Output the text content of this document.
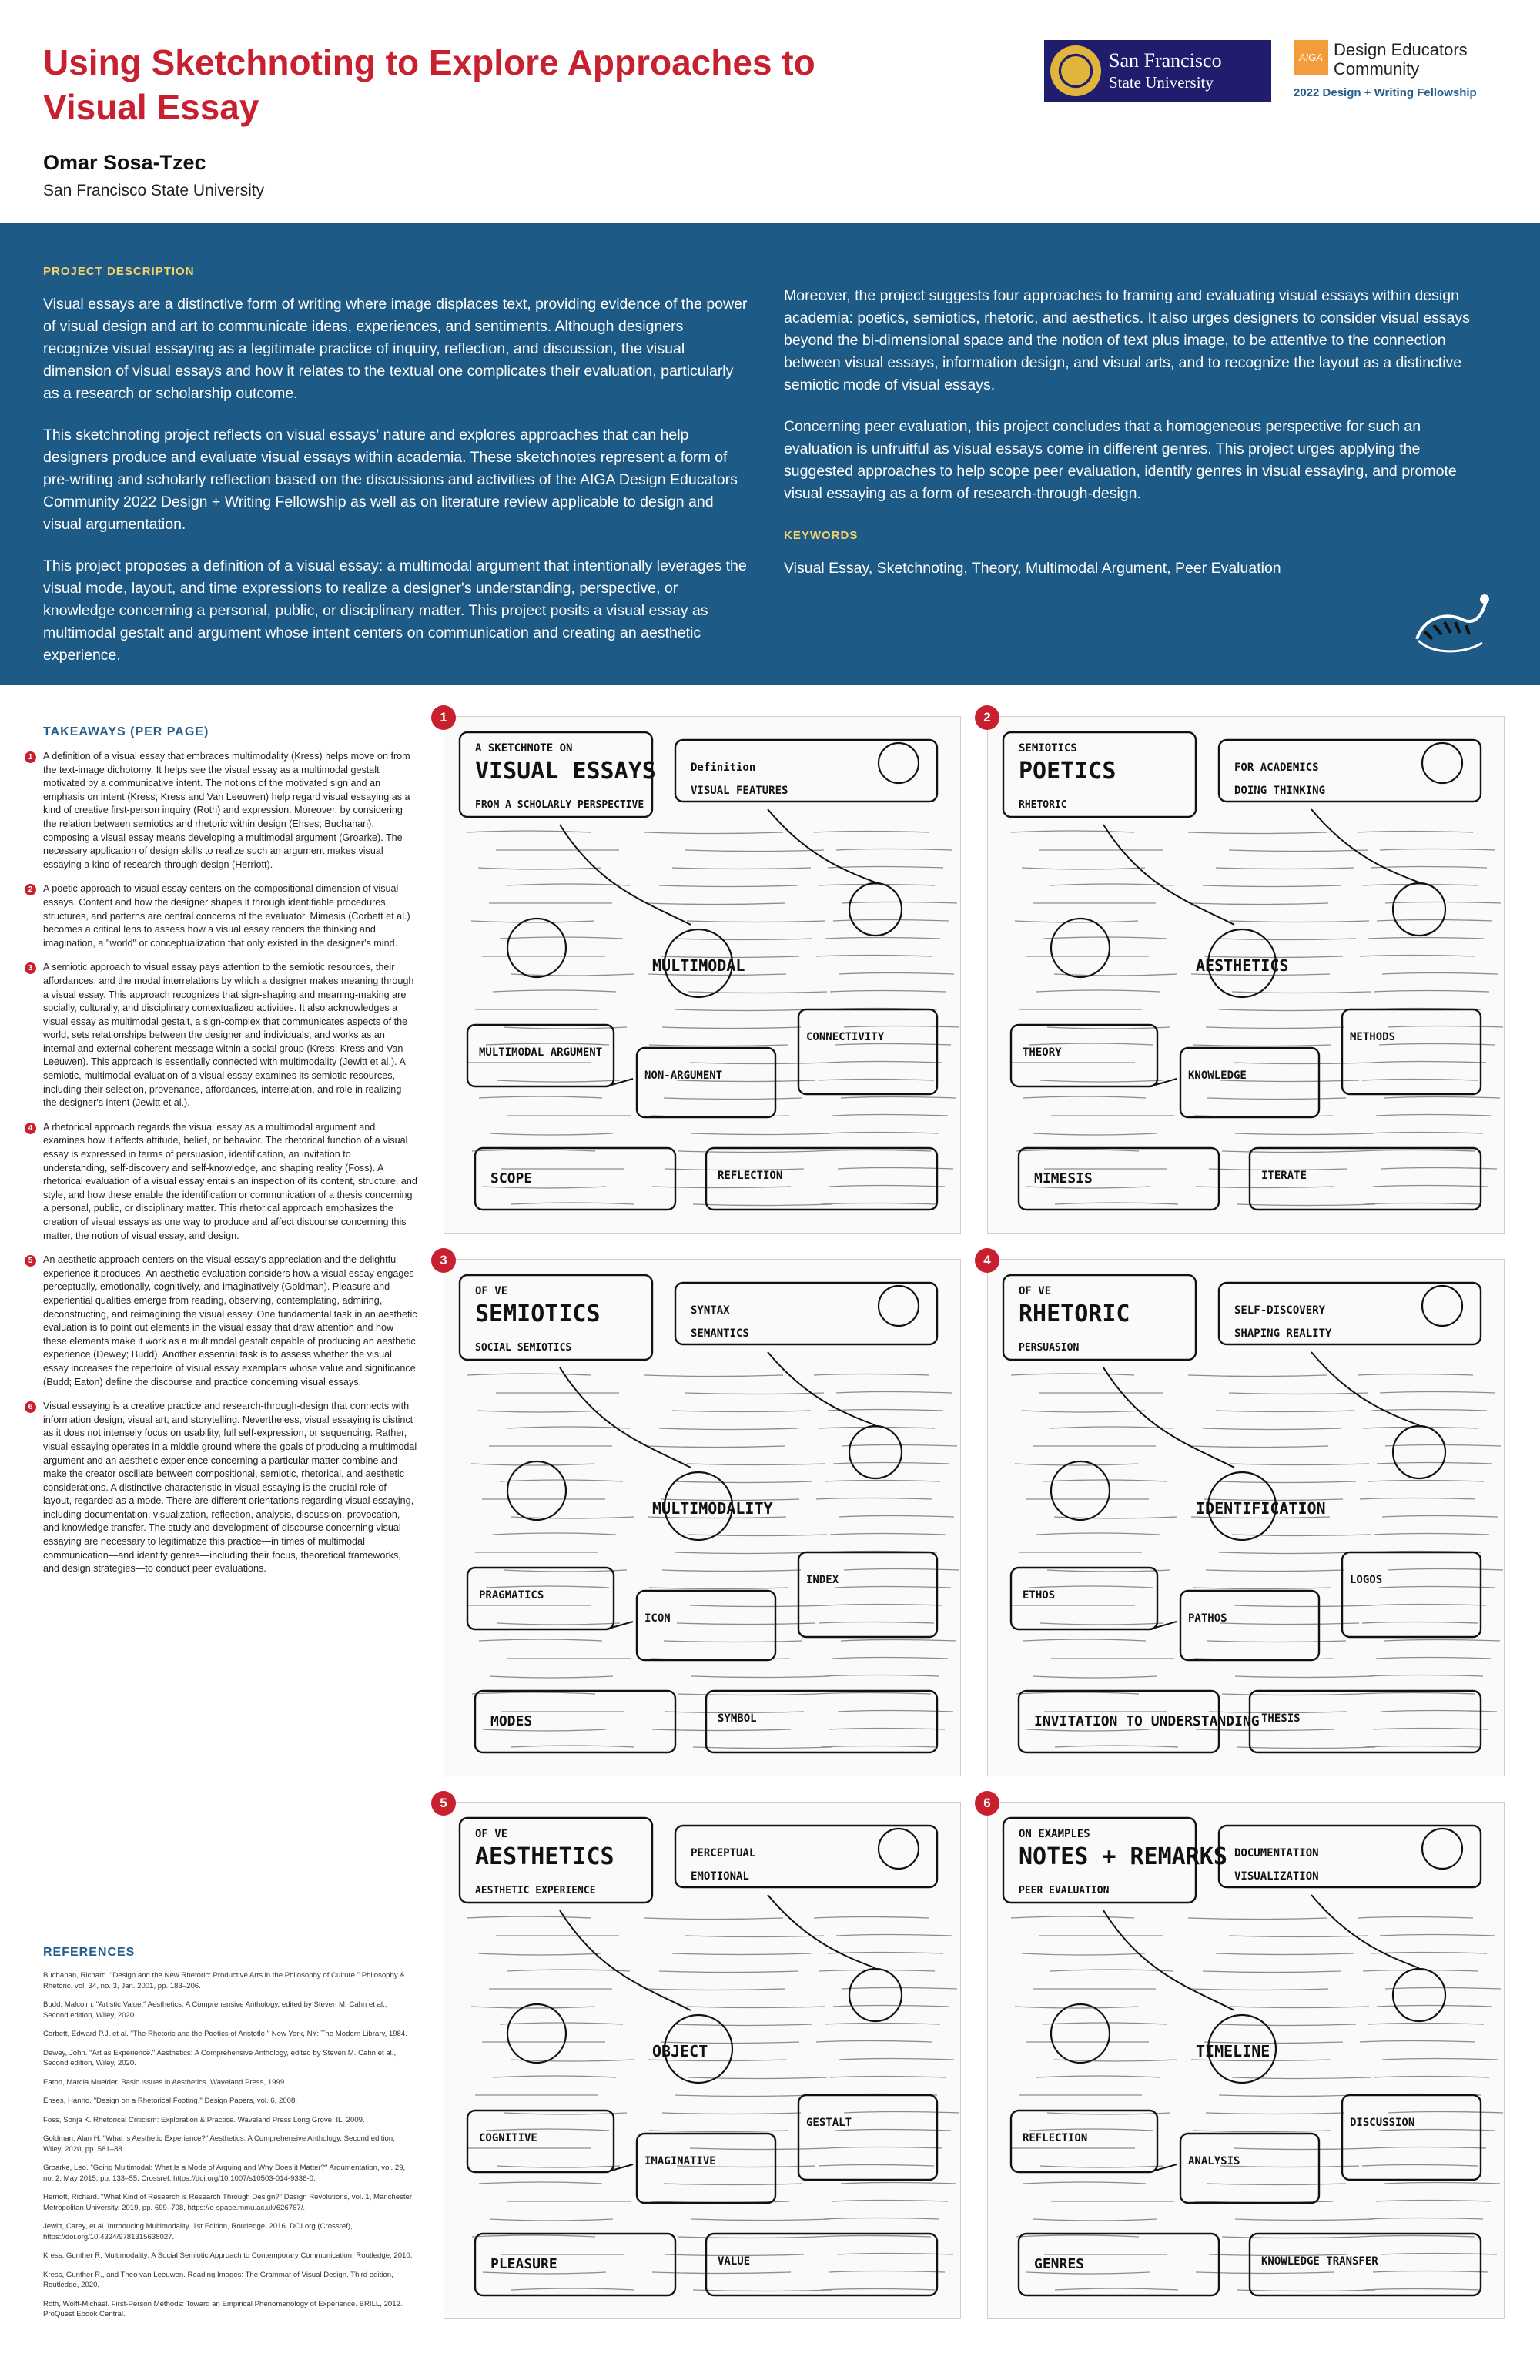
Using Sketchnoting to Explore Approaches to Visual Essay

Omar Sosa-Tzec

San Francisco State University

San Francisco
State University
AIGA Design Educators Community
2022 Design + Writing Fellowship

PROJECT DESCRIPTION

Visual essays are a distinctive form of writing where image displaces text, providing evidence of the power of visual design and art to communicate ideas, experiences, and sentiments. Although designers recognize visual essaying as a legitimate practice of inquiry, reflection, and discussion, the visual dimension of visual essays and how it relates to the textual one complicates their evaluation, particularly as a research or scholarship outcome.

This sketchnoting project reflects on visual essays' nature and explores approaches that can help designers produce and evaluate visual essays within academia. These sketchnotes represent a form of pre-writing and scholarly reflection based on the discussions and activities of the AIGA Design Educators Community 2022 Design + Writing Fellowship as well as on literature review applicable to design and visual argumentation.

This project proposes a definition of a visual essay: a multimodal argument that intentionally leverages the visual mode, layout, and time expressions to realize a designer's understanding, perspective, or knowledge concerning a personal, public, or disciplinary matter. This project posits a visual essay as multimodal gestalt and argument whose intent centers on communication and creating an aesthetic experience.

Moreover, the project suggests four approaches to framing and evaluating visual essays within design academia: poetics, semiotics, rhetoric, and aesthetics. It also urges designers to consider visual essays beyond the bi-dimensional space and the notion of text plus image, to be attentive to the connection between visual essays, information design, and visual arts, and to recognize the layout as a distinctive semiotic mode of visual essays.

Concerning peer evaluation, this project concludes that a homogeneous perspective for such an evaluation is unfruitful as visual essays come in different genres. This project urges applying the suggested approaches to help scope peer evaluation, identify genres in visual essaying, and promote visual essaying as a form of research-through-design.

KEYWORDS

Visual Essay, Sketchnoting, Theory, Multimodal Argument, Peer Evaluation

TAKEAWAYS (PER PAGE)
1	A definition of a visual essay that embraces multimodality (Kress) helps move on from the text-image dichotomy. It helps see the visual essay as a multimodal gestalt motivated by a communicative intent. The notions of the motivated sign and an emphasis on intent (Kress; Kress and Van Leeuwen) help regard visual essaying as a kind of creative first-person inquiry (Roth) and expression. Moreover, by considering the relation between semiotics and rhetoric within design (Ehses; Buchanan), composing a visual essay means developing a multimodal argument (Groarke). The necessary application of design skills to realize such an argument makes visual essaying a kind of research-through-design (Herriott).
2	A poetic approach to visual essay centers on the compositional dimension of visual essays. Content and how the designer shapes it through identifiable procedures, structures, and patterns are central concerns of the evaluator. Mimesis (Corbett et al.) becomes a critical lens to assess how a visual essay renders the thinking and imagination, a "world" or conceptualization that only existed in the designer's mind.
3	A semiotic approach to visual essay pays attention to the semiotic resources, their affordances, and the modal interrelations by which a designer makes meaning through a visual essay. This approach recognizes that sign-shaping and meaning-making are socially, culturally, and disciplinary contextualized activities. It also acknowledges a visual essay as multimodal gestalt, a sign-complex that communicates aspects of the world, sets relationships between the designer and individuals, and works as an internal and external coherent message within a social group (Kress; Kress and Van Leeuwen). This approach is essentially connected with multimodality (Jewitt et al.). A semiotic, multimodal evaluation of a visual essay examines its semiotic resources, including their selection, provenance, affordances, interrelation, and role in realizing the designer's intent (Jewitt et al.).
4	A rhetorical approach regards the visual essay as a multimodal argument and examines how it affects attitude, belief, or behavior. The rhetorical function of a visual essay is expressed in terms of persuasion, identification, an invitation to understanding, self-discovery and self-knowledge, and shaping reality (Foss). A rhetorical evaluation of a visual essay entails an inspection of its content, structure, and style, and how these enable the identification or communication of a thesis concerning a personal, public, or disciplinary matter. This rhetorical approach emphasizes the creation of visual essays as one way to produce and affect discourse concerning this matter, the notion of visual essay, and design.
5	An aesthetic approach centers on the visual essay's appreciation and the delightful experience it produces. An aesthetic evaluation considers how a visual essay engages perceptually, emotionally, cognitively, and imaginatively (Goldman). Pleasure and experiential qualities emerge from reading, observing, contemplating, admiring, deconstructing, and reimagining the visual essay. One fundamental task in an aesthetic evaluation is to point out elements in the visual essay that draw attention and how these elements make it work as a multimodal gestalt capable of producing an aesthetic experience (Dewey; Budd). Another essential task is to assess whether the visual essay increases the repertoire of visual essay exemplars whose value and significance (Budd; Eaton) define the discourse and practice concerning visual essays.
6	Visual essaying is a creative practice and research-through-design that connects with information design, visual art, and storytelling. Nevertheless, visual essaying is distinct as it does not intensely focus on usability, full self-expression, or sequencing. Rather, visual essaying operates in a middle ground where the goals of producing a multimodal argument and an aesthetic experience concerning a particular matter combine and make the creator oscillate between compositional, semiotic, rhetorical, and aesthetic considerations. A distinctive characteristic in visual essaying is the crucial role of layout, regarded as a mode. There are different orientations regarding visual essaying, including documentation, visualization, reflection, analysis, discussion, provocation, and knowledge transfer. The study and development of discourse concerning visual essaying are necessary to legitimatize this practice—in times of multimodal communication—and identify genres—including their focus, theoretical frameworks, and design strategies—to conduct peer evaluations.
REFERENCES
Buchanan, Richard. "Design and the New Rhetoric: Productive Arts in the Philosophy of Culture." Philosophy & Rhetoric, vol. 34, no. 3, Jan. 2001, pp. 183–206.
Budd, Malcolm. "Artistic Value." Aesthetics: A Comprehensive Anthology, edited by Steven M. Cahn et al., Second edition, Wiley, 2020.
Corbett, Edward P.J. et al. "The Rhetoric and the Poetics of Aristotle." New York, NY: The Modern Library, 1984.
Dewey, John. "Art as Experience." Aesthetics: A Comprehensive Anthology, edited by Steven M. Cahn et al., Second edition, Wiley, 2020.
Eaton, Marcia Muelder. Basic Issues in Aesthetics. Waveland Press, 1999.
Ehses, Hanno. "Design on a Rhetorical Footing." Design Papers, vol. 6, 2008.
Foss, Sonja K. Rhetorical Criticism: Exploration & Practice. Waveland Press Long Grove, IL, 2009.
Goldman, Alan H. "What is Aesthetic Experience?" Aesthetics: A Comprehensive Anthology, Second edition, Wiley, 2020, pp. 581–88.
Groarke, Leo. "Going Multimodal: What Is a Mode of Arguing and Why Does it Matter?" Argumentation, vol. 29, no. 2, May 2015, pp. 133–55. Crossref, https://doi.org/10.1007/s10503-014-9336-0.
Herriott, Richard. "What Kind of Research is Research Through Design?" Design Revolutions, vol. 1, Manchester Metropolitan University, 2019, pp. 699–708, https://e-space.mmu.ac.uk/626767/.
Jewitt, Carey, et al. Introducing Multimodality. 1st Edition, Routledge, 2016. DOI.org (Crossref), https://doi.org/10.4324/9781315638027.
Kress, Gunther R. Multimodality: A Social Semiotic Approach to Contemporary Communication. Routledge, 2010.
Kress, Gunther R., and Theo van Leeuwen. Reading Images: The Grammar of Visual Design. Third edition, Routledge, 2020.
Roth, Wolff-Michael. First-Person Methods: Toward an Empirical Phenomenology of Experience. BRILL, 2012. ProQuest Ebook Central.
1
VISUAL ESSAYS
A SKETCHNOTE ON
FROM A SCHOLARLY PERSPECTIVE
MULTIMODAL
SCOPE
Definition
VISUAL FEATURES
MULTIMODAL ARGUMENT
NON-ARGUMENT
CONNECTIVITY
REFLECTION
2
POETICS
SEMIOTICS
RHETORIC
AESTHETICS
MIMESIS
FOR ACADEMICS
DOING THINKING
THEORY
KNOWLEDGE
METHODS
ITERATE
3
SEMIOTICS
OF VE
SOCIAL SEMIOTICS
MULTIMODALITY
MODES
SYNTAX
SEMANTICS
PRAGMATICS
ICON
INDEX
SYMBOL
4
RHETORIC
OF VE
PERSUASION
IDENTIFICATION
INVITATION TO UNDERSTANDING
SELF-DISCOVERY
SHAPING REALITY
ETHOS
PATHOS
LOGOS
THESIS
5
AESTHETICS
OF VE
AESTHETIC EXPERIENCE
OBJECT
PLEASURE
PERCEPTUAL
EMOTIONAL
COGNITIVE
IMAGINATIVE
GESTALT
VALUE
6
NOTES + REMARKS
ON EXAMPLES
PEER EVALUATION
TIMELINE
GENRES
DOCUMENTATION
VISUALIZATION
REFLECTION
ANALYSIS
DISCUSSION
KNOWLEDGE TRANSFER
